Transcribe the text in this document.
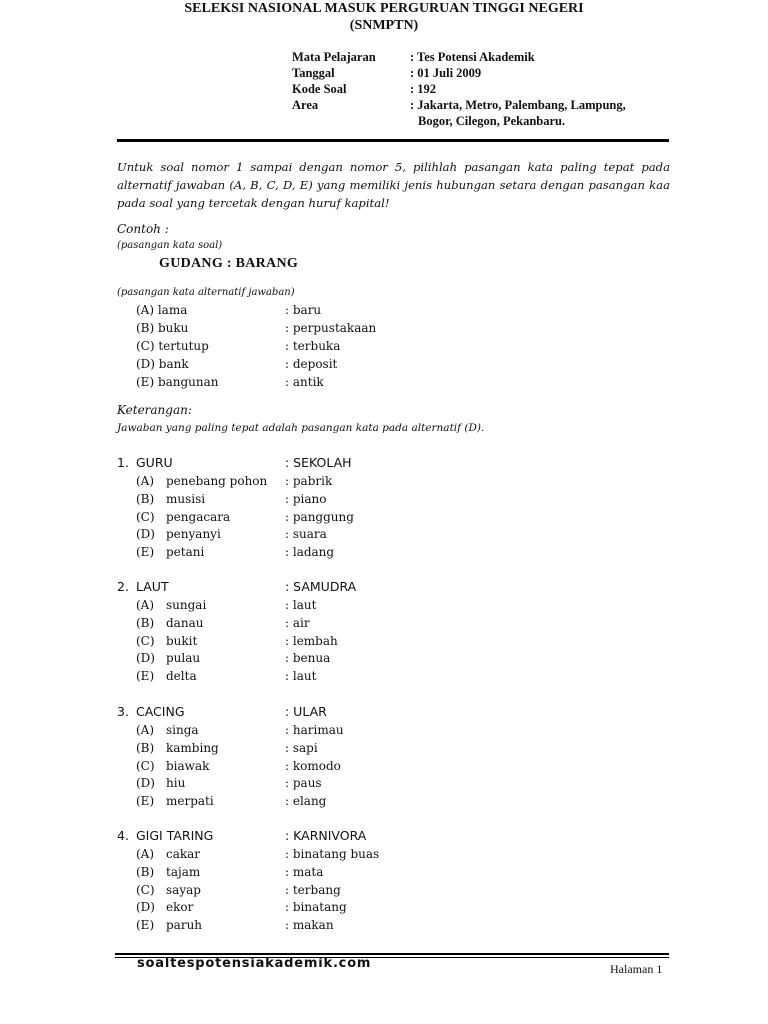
SELEKSI NASIONAL MASUK PERGURUAN TINGGI NEGERI
(SNMPTN)
Mata Pelajaran	: Tes Potensi Akademik
Tanggal	: 01 Juli 2009
Kode Soal	: 192
Area	: Jakarta, Metro, Palembang, Lampung,
Bogor, Cilegon, Pekanbaru.
Untuk soal nomor 1 sampai dengan nomor 5, pilihlah pasangan kata paling tepat pada alternatif jawaban (A, B, C, D, E) yang memiliki jenis hubungan setara dengan pasangan kaa pada soal yang tercetak dengan huruf kapital!
Contoh :
(pasangan kata soal)
GUDANG : BARANG
(pasangan kata alternatif jawaban)
(A) lama	: baru
(B) buku	: perpustakaan
(C) tertutup	: terbuka
(D) bank	: deposit
(E) bangunan	: antik
Keterangan:
Jawaban yang paling tepat adalah pasangan kata pada alternatif (D).
1. GURU	: SEKOLAH
(A) penebang pohon : pabrik
(B) musisi	: piano
(C) pengacara	: panggung
(D) penyanyi	: suara
(E) petani	: ladang
2. LAUT	: SAMUDRA
(A) sungai	: laut
(B) danau	: air
(C) bukit	: lembah
(D) pulau	: benua
(E) delta	: laut
3. CACING	: ULAR
(A) singa	: harimau
(B) kambing	: sapi
(C) biawak	: komodo
(D) hiu	: paus
(E) merpati	: elang
4. GIGI TARING	: KARNIVORA
(A) cakar	: binatang buas
(B) tajam	: mata
(C) sayap	: terbang
(D) ekor	: binatang
(E) paruh	: makan
soaltespotensiakademik.com	Halaman 1
